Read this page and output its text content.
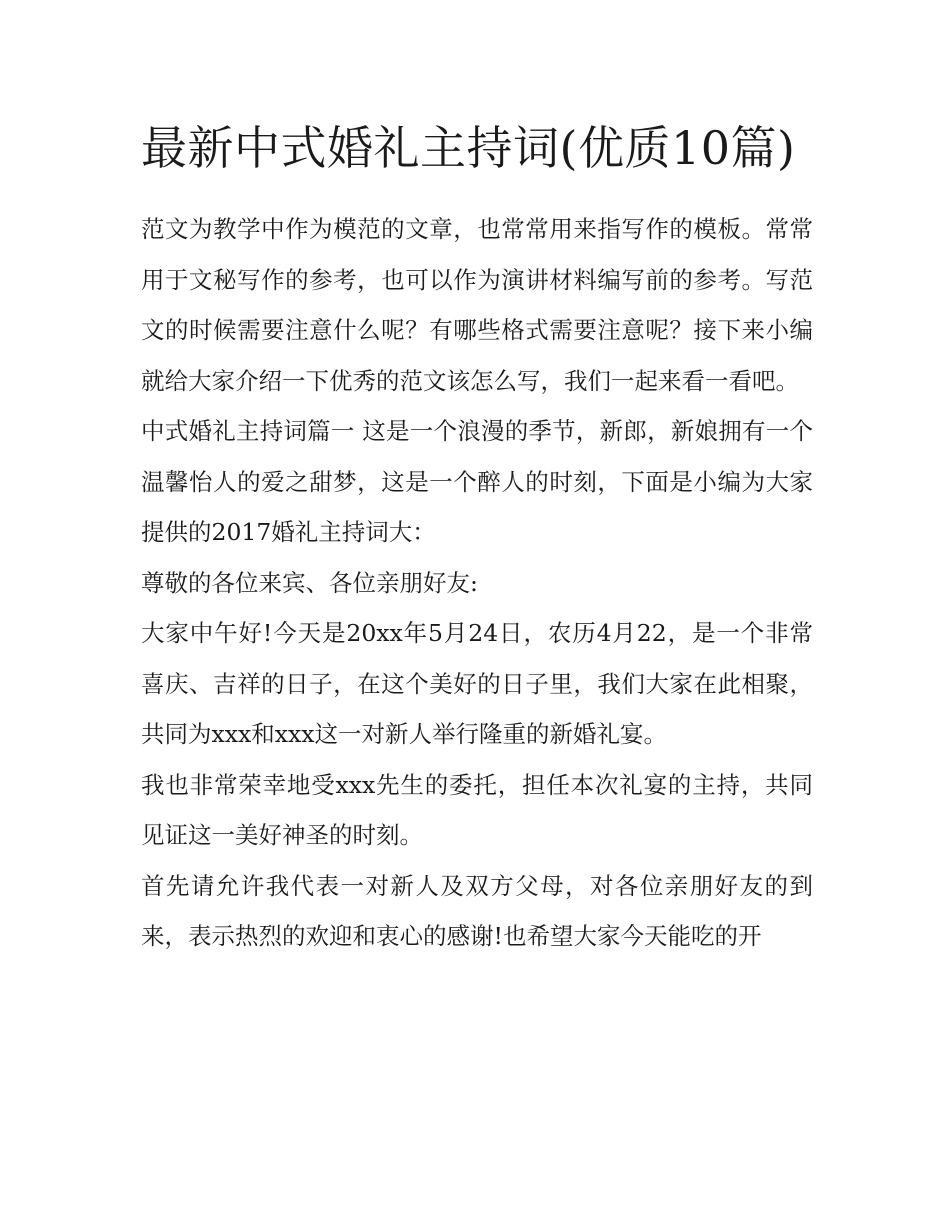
最新中式婚礼主持词(优质10篇)

范文为教学中作为模范的文章，也常常用来指写作的模板。常常用于文秘写作的参考，也可以作为演讲材料编写前的参考。写范文的时候需要注意什么呢？有哪些格式需要注意呢？接下来小编就给大家介绍一下优秀的范文该怎么写，我们一起来看一看吧。

中式婚礼主持词篇一 这是一个浪漫的季节，新郎，新娘拥有一个温馨怡人的爱之甜梦，这是一个醉人的时刻，下面是小编为大家提供的2017婚礼主持词大：

尊敬的各位来宾、各位亲朋好友:

大家中午好!今天是20xx年5月24日，农历4月22，是一个非常喜庆、吉祥的日子，在这个美好的日子里，我们大家在此相聚，共同为xxx和xxx这一对新人举行隆重的新婚礼宴。

我也非常荣幸地受xxx先生的委托，担任本次礼宴的主持，共同见证这一美好神圣的时刻。

首先请允许我代表一对新人及双方父母，对各位亲朋好友的到来，表示热烈的欢迎和衷心的感谢!也希望大家今天能吃的开
